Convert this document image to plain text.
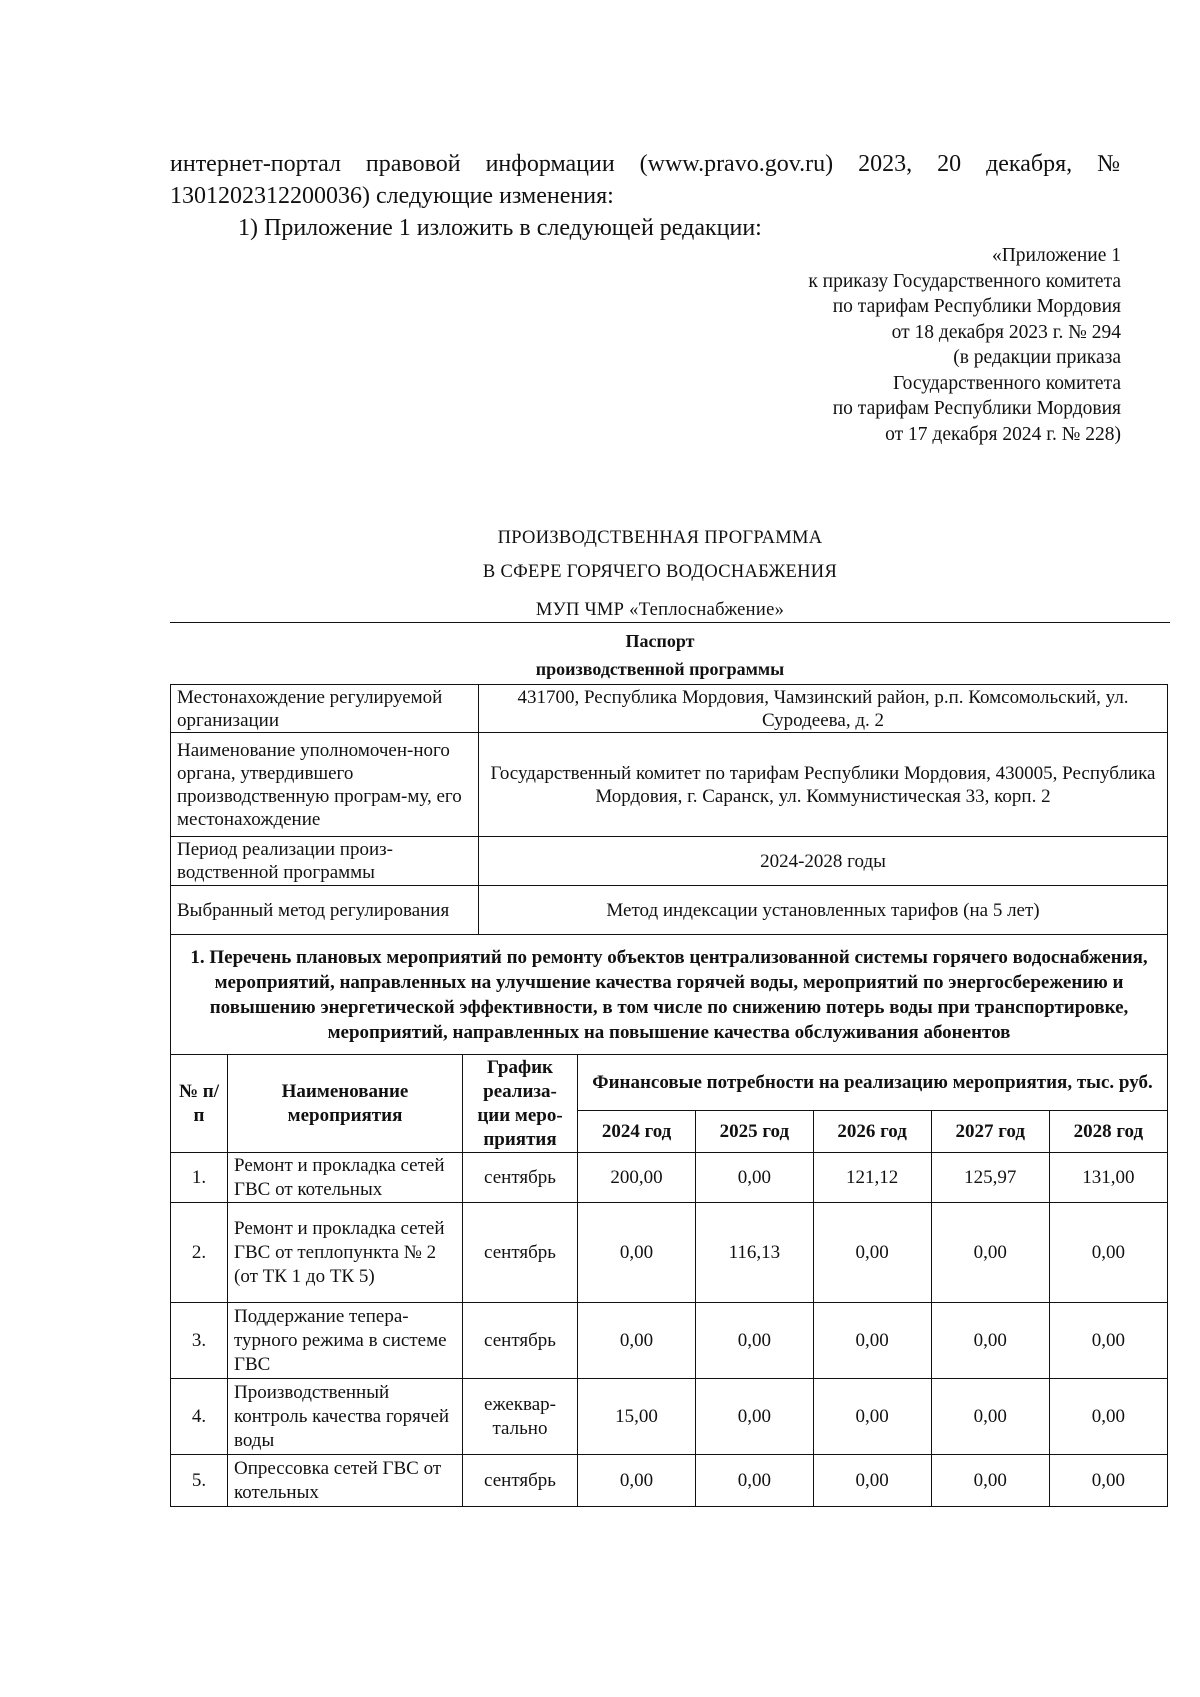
интернет-портал правовой информации (www.pravo.gov.ru) 2023, 20 декабря, № 1301202312200036) следующие изменения:

1) Приложение 1 изложить в следующей редакции:

«Приложение 1
к приказу Государственного комитета
по тарифам Республики Мордовия
от 18 декабря 2023 г. № 294
(в редакции приказа
Государственного комитета
по тарифам Республики Мордовия
от 17 декабря 2024 г. № 228)
ПРОИЗВОДСТВЕННАЯ ПРОГРАММА
В СФЕРЕ ГОРЯЧЕГО ВОДОСНАБЖЕНИЯ
МУП ЧМР «Теплоснабжение»
Паспорт
производственной программы
Местонахождение регулируемой организации	431700, Республика Мордовия, Чамзинский район, р.п. Комсомольский, ул. Суродеева, д. 2
Наименование уполномочен-ного органа, утвердившего производственную програм-му, его местонахождение	Государственный комитет по тарифам Республики Мордовия, 430005, Республика Мордовия, г. Саранск, ул. Коммунистическая 33, корп. 2
Период реализации произ-водственной программы	2024-2028 годы
Выбранный метод регулирования	Метод индексации установленных тарифов (на 5 лет)
1. Перечень плановых мероприятий по ремонту объектов централизованной системы горячего водоснабжения, мероприятий, направленных на улучшение качества горячей воды, мероприятий по энергосбережению и повышению энергетической эффективности, в том числе по снижению потерь воды при транспортировке, мероприятий, направленных на повышение качества обслуживания абонентов							
№ п/п	Наименование мероприятия	График реализа-ции меро-приятия	Финансовые потребности на реализацию мероприятия, тыс. руб.				
			2024 год	2025 год	2026 год	2027 год	2028 год
1.	Ремонт и прокладка сетей ГВС от котельных	сентябрь	200,00	0,00	121,12	125,97	131,00
2.	Ремонт и прокладка сетей ГВС от теплопункта № 2 (от ТК 1 до ТК 5)	сентябрь	0,00	116,13	0,00	0,00	0,00
3.	Поддержание тепера-турного режима в системе ГВС	сентябрь	0,00	0,00	0,00	0,00	0,00
4.	Производственный контроль качества горячей воды	ежеквар-тально	15,00	0,00	0,00	0,00	0,00
5.	Опрессовка сетей ГВС от котельных	сентябрь	0,00	0,00	0,00	0,00	0,00
